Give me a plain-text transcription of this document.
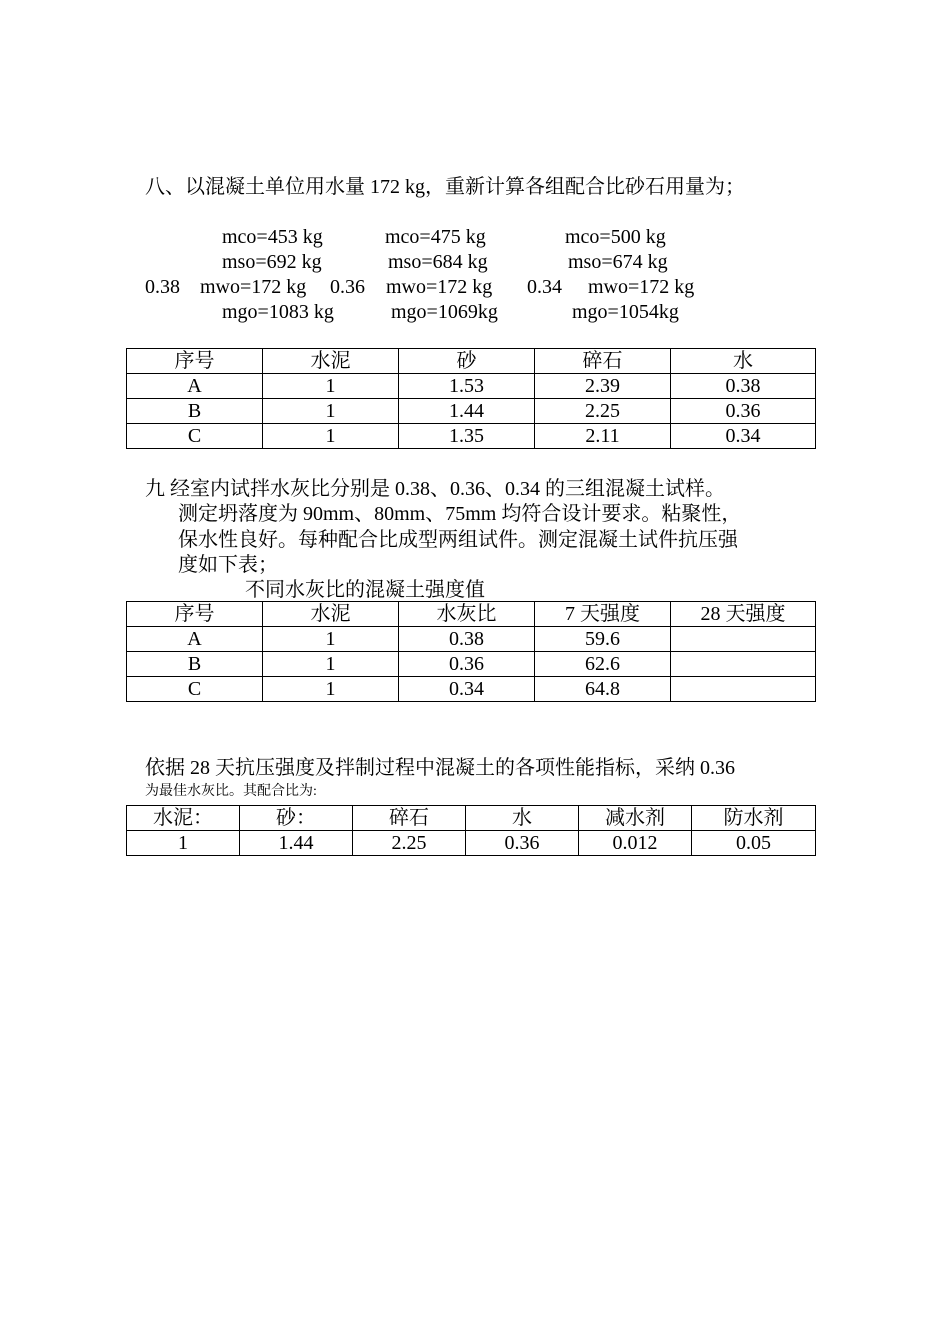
八、以混凝土单位用水量 172 kg，重新计算各组配合比砂石用量为；
mco=453 kg	mco=475 kg	mco=500 kg
mso=692 kg	mso=684 kg	mso=674 kg
0.38 mwo=172 kg 0.36 mwo=172 kg 0.34 mwo=172 kg
mgo=1083 kg	mgo=1069kg	mgo=1054kg
序号	水泥	砂	碎石	水
A	1	1.53	2.39	0.38
B	1	1.44	2.25	0.36
C	1	1.35	2.11	0.34
九 经室内试拌水灰比分别是 0.38、0.36、0.34 的三组混凝土试样。
测定坍落度为 90mm、80mm、75mm 均符合设计要求。粘聚性，
保水性良好。每种配合比成型两组试件。测定混凝土试件抗压强
度如下表；
不同水灰比的混凝土强度值
序号	水泥	水灰比	7 天强度	28 天强度
A	1	0.38	59.6	
B	1	0.36	62.6	
C	1	0.34	64.8	
依据 28 天抗压强度及拌制过程中混凝土的各项性能指标，采纳 0.36
为最佳水灰比。其配合比为:
水泥：	砂：	碎石	水	减水剂	防水剂
1	1.44	2.25	0.36	0.012	0.05
